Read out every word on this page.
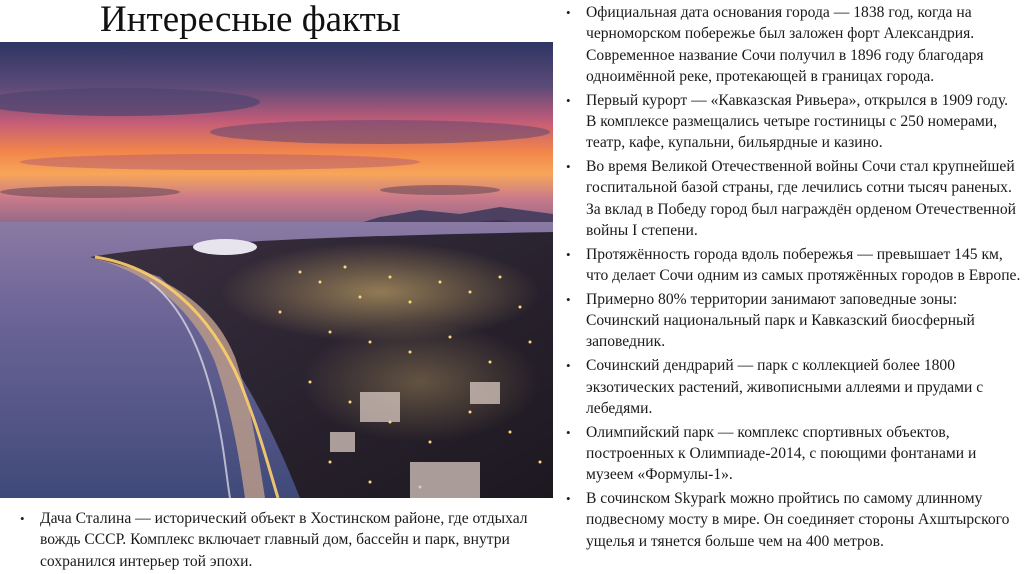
Интересные факты	• Официальная дата основания города — 1838 год, когда на черноморском побережье был заложен форт Александрия. Современное название Сочи получил в 1896 году благодаря одноимённой реке, протекающей в границах города.
• Первый курорт — «Кавказская Ривьера», открылся в 1909 году. В комплексе размещались четыре гостиницы с 250 номерами, театр, кафе, купальни, бильярдные и казино.
• Во время Великой Отечественной войны Сочи стал крупнейшей госпитальной базой страны, где лечились сотни тысяч раненых. За вклад в Победу город был награждён орденом Отечественной войны I степени.
• Протяжённость города вдоль побережья — превышает 145 км, что делает Сочи одним из самых протяжённых городов в Европе.
• Примерно 80% территории занимают заповедные зоны: Сочинский национальный парк и Кавказский биосферный заповедник.
• Сочинский дендрарий — парк с коллекцией более 1800 экзотических растений, живописными аллеями и прудами с лебедями.
• Олимпийский парк — комплекс спортивных объектов, построенных к Олимпиаде-2014, с поющими фонтанами и музеем «Формулы-1».
• В сочинском Skypark можно пройтись по самому длинному подвесному мосту в мире. Он соединяет стороны Ахштырского ущелья и тянется больше чем на 400 метров.
• Дача Сталина — исторический объект в Хостинском районе, где отдыхал вождь СССР. Комплекс включает главный дом, бассейн и парк, внутри сохранился интерьер той эпохи.
